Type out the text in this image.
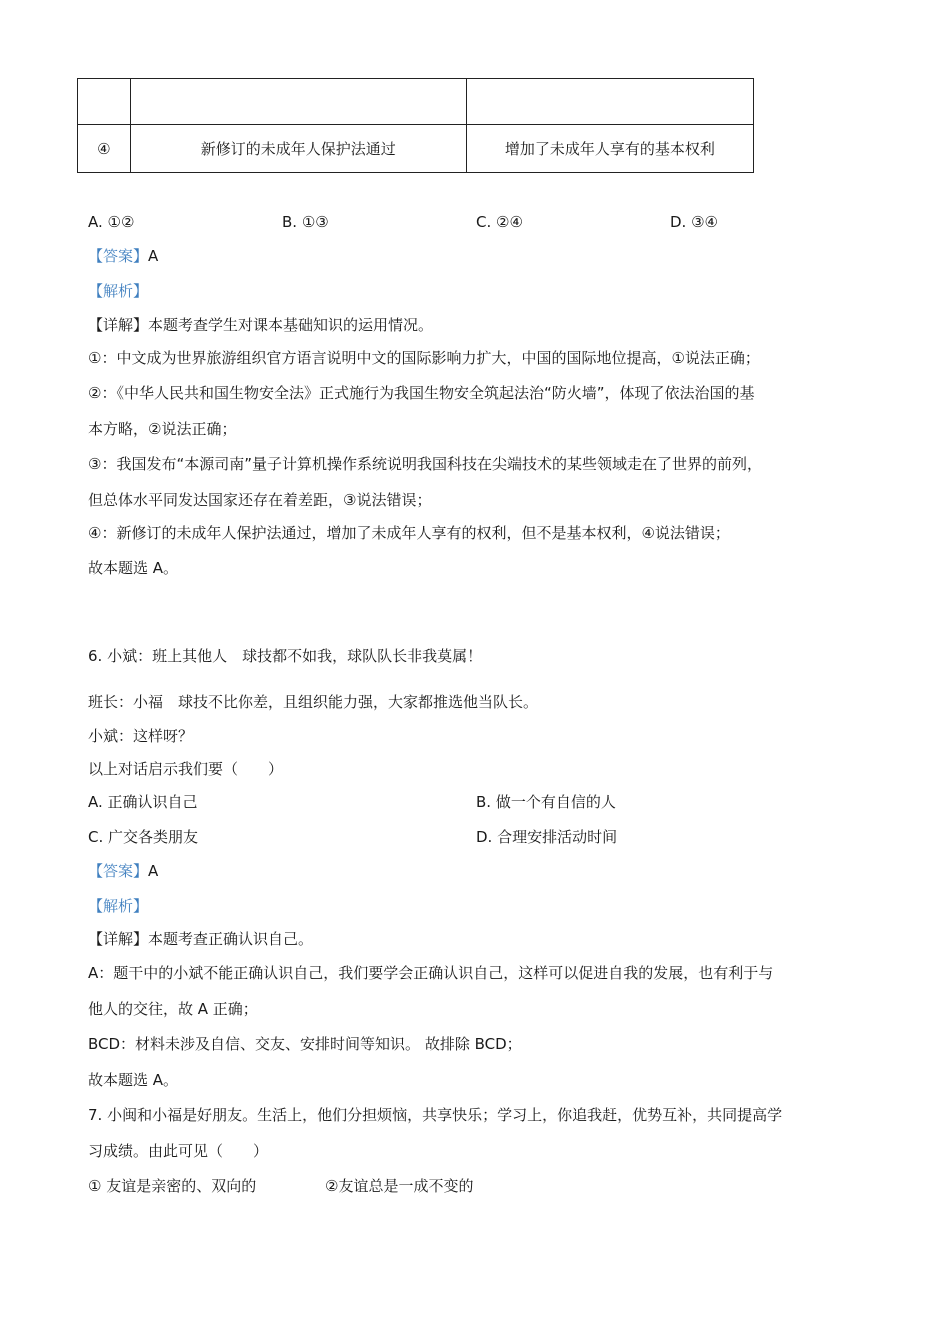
④	新修订的未成年人保护法通过	增加了未成年人享有的基本权利
A. ①②	B. ①③	C. ②④	D. ③④
【答案】A
【解析】
【详解】本题考查学生对课本基础知识的运用情况。
①：中文成为世界旅游组织官方语言说明中文的国际影响力扩大，中国的国际地位提高，①说法正确；
②：《中华人民共和国生物安全法》正式施行为我国生物安全筑起法治“防火墙”，体现了依法治国的基
本方略，②说法正确；
③：我国发布“本源司南”量子计算机操作系统说明我国科技在尖端技术的某些领域走在了世界的前列，
但总体水平同发达国家还存在着差距，③说法错误；
④：新修订的未成年人保护法通过，增加了未成年人享有的权利，但不是基本权利，④说法错误；
故本题选 A。
6. 小斌：班上其他人　球技都不如我，球队队长非我莫属！
班长：小福　球技不比你差，且组织能力强，大家都推选他当队长。
小斌：这样呀？
以上对话启示我们要（　　）
A. 正确认识自己	B. 做一个有自信的人
C. 广交各类朋友	D. 合理安排活动时间
【答案】A
【解析】
【详解】本题考查正确认识自己。
A：题干中的小斌不能正确认识自己，我们要学会正确认识自己，这样可以促进自我的发展，也有利于与
他人的交往，故 A 正确；
BCD：材料未涉及自信、交友、安排时间等知识。 故排除 BCD；
故本题选 A。
7. 小闽和小福是好朋友。生活上，他们分担烦恼，共享快乐；学习上，你追我赶，优势互补，共同提高学
习成绩。由此可见（　　）
① 友谊是亲密的、双向的	②友谊总是一成不变的
